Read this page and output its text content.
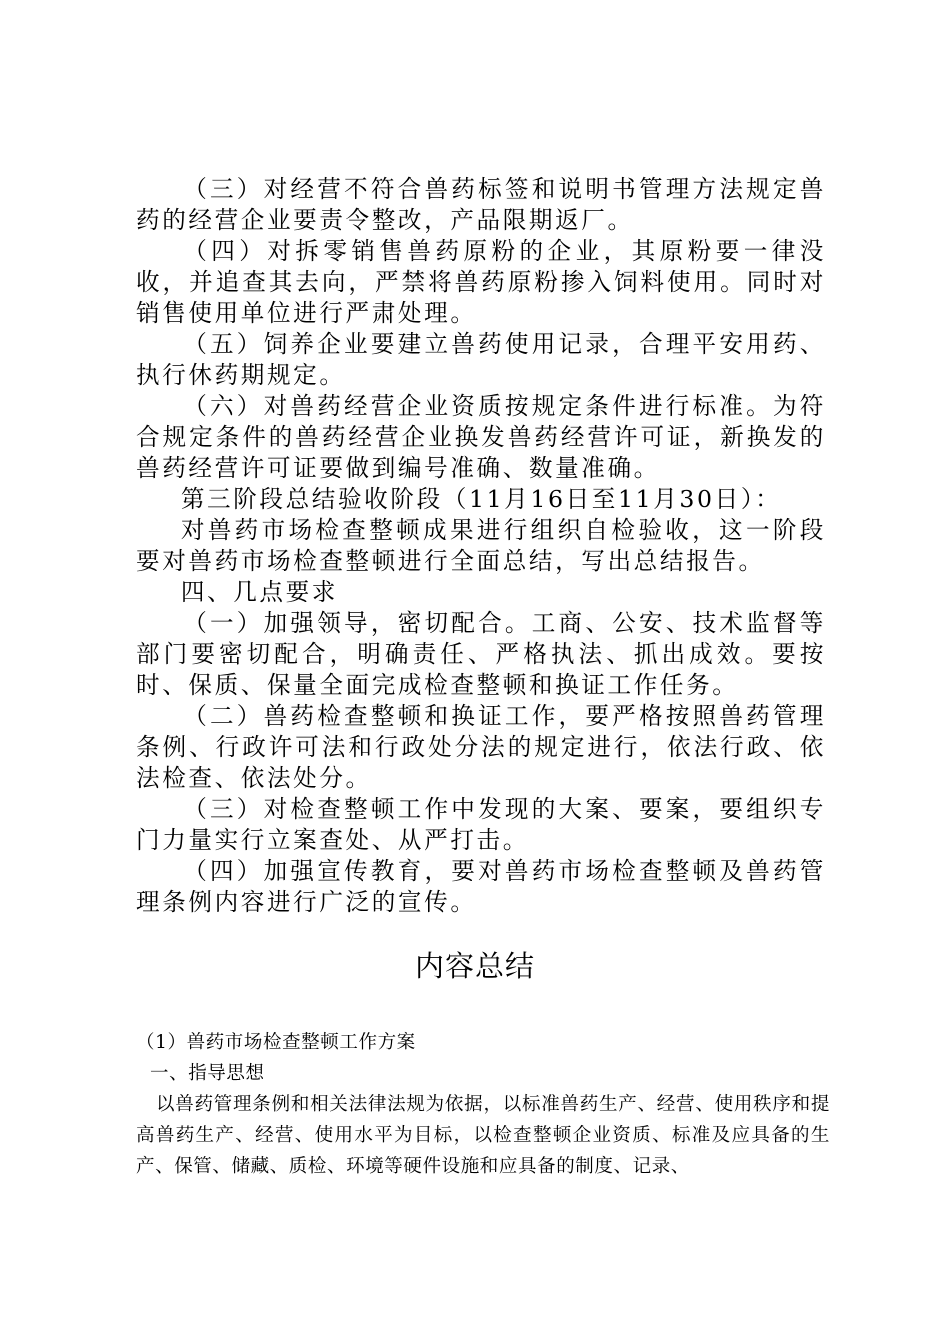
（三）对经营不符合兽药标签和说明书管理方法规定兽药的经营企业要责令整改，产品限期返厂。

（四）对拆零销售兽药原粉的企业，其原粉要一律没收，并追查其去向，严禁将兽药原粉掺入饲料使用。同时对销售使用单位进行严肃处理。

（五）饲养企业要建立兽药使用记录，合理平安用药、执行休药期规定。

（六）对兽药经营企业资质按规定条件进行标准。为符合规定条件的兽药经营企业换发兽药经营许可证，新换发的兽药经营许可证要做到编号准确、数量准确。

第三阶段总结验收阶段（11月16日至11月30日）：

对兽药市场检查整顿成果进行组织自检验收，这一阶段要对兽药市场检查整顿进行全面总结，写出总结报告。

四、几点要求

（一）加强领导，密切配合。工商、公安、技术监督等部门要密切配合，明确责任、严格执法、抓出成效。要按时、保质、保量全面完成检查整顿和换证工作任务。

（二）兽药检查整顿和换证工作，要严格按照兽药管理条例、行政许可法和行政处分法的规定进行，依法行政、依法检查、依法处分。

（三）对检查整顿工作中发现的大案、要案，要组织专门力量实行立案查处、从严打击。

（四）加强宣传教育，要对兽药市场检查整顿及兽药管理条例内容进行广泛的宣传。

内容总结

（1）兽药市场检查整顿工作方案

一、指导思想

以兽药管理条例和相关法律法规为依据，以标准兽药生产、经营、使用秩序和提高兽药生产、经营、使用水平为目标，以检查整顿企业资质、标准及应具备的生产、保管、储藏、质检、环境等硬件设施和应具备的制度、记录、
